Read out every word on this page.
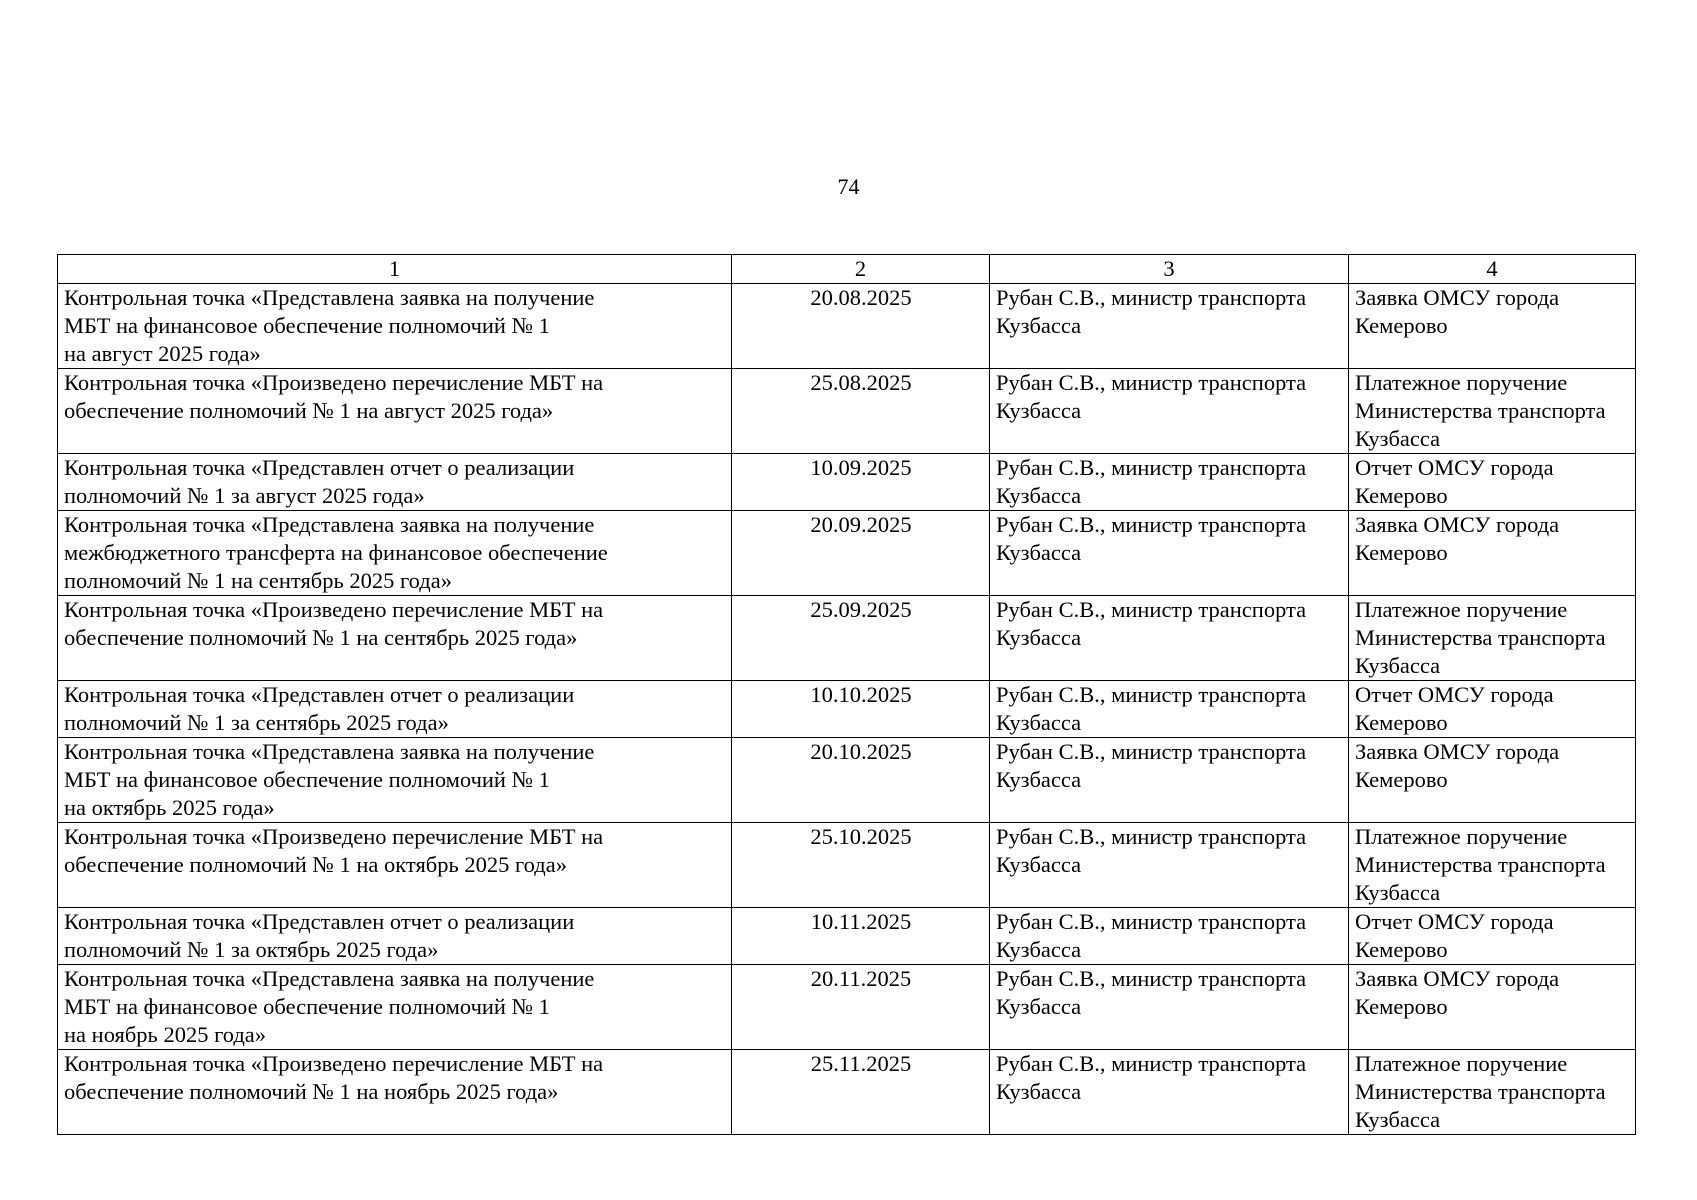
74
1	2	3	4

Контрольная точка «Представлена заявка на получение
МБТ на финансовое обеспечение полномочий № 1
на август 2025 года»	20.08.2025	Рубан С.В., министр транспорта
Кузбасса	Заявка ОМСУ города
Кемерово

Контрольная точка «Произведено перечисление МБТ на
обеспечение полномочий № 1 на август 2025 года»	25.08.2025	Рубан С.В., министр транспорта
Кузбасса	Платежное поручение
Министерства транспорта
Кузбасса

Контрольная точка «Представлен отчет о реализации
полномочий № 1 за август 2025 года»	10.09.2025	Рубан С.В., министр транспорта
Кузбасса	Отчет ОМСУ города
Кемерово

Контрольная точка «Представлена заявка на получение
межбюджетного трансферта на финансовое обеспечение
полномочий № 1 на сентябрь 2025 года»	20.09.2025	Рубан С.В., министр транспорта
Кузбасса	Заявка ОМСУ города
Кемерово

Контрольная точка «Произведено перечисление МБТ на
обеспечение полномочий № 1 на сентябрь 2025 года»	25.09.2025	Рубан С.В., министр транспорта
Кузбасса	Платежное поручение
Министерства транспорта
Кузбасса

Контрольная точка «Представлен отчет о реализации
полномочий № 1 за сентябрь 2025 года»	10.10.2025	Рубан С.В., министр транспорта
Кузбасса	Отчет ОМСУ города
Кемерово

Контрольная точка «Представлена заявка на получение
МБТ на финансовое обеспечение полномочий № 1
на октябрь 2025 года»	20.10.2025	Рубан С.В., министр транспорта
Кузбасса	Заявка ОМСУ города
Кемерово

Контрольная точка «Произведено перечисление МБТ на
обеспечение полномочий № 1 на октябрь 2025 года»	25.10.2025	Рубан С.В., министр транспорта
Кузбасса	Платежное поручение
Министерства транспорта
Кузбасса

Контрольная точка «Представлен отчет о реализации
полномочий № 1 за октябрь 2025 года»	10.11.2025	Рубан С.В., министр транспорта
Кузбасса	Отчет ОМСУ города
Кемерово

Контрольная точка «Представлена заявка на получение
МБТ на финансовое обеспечение полномочий № 1
на ноябрь 2025 года»	20.11.2025	Рубан С.В., министр транспорта
Кузбасса	Заявка ОМСУ города
Кемерово

Контрольная точка «Произведено перечисление МБТ на
обеспечение полномочий № 1 на ноябрь 2025 года»	25.11.2025	Рубан С.В., министр транспорта
Кузбасса	Платежное поручение
Министерства транспорта
Кузбасса
